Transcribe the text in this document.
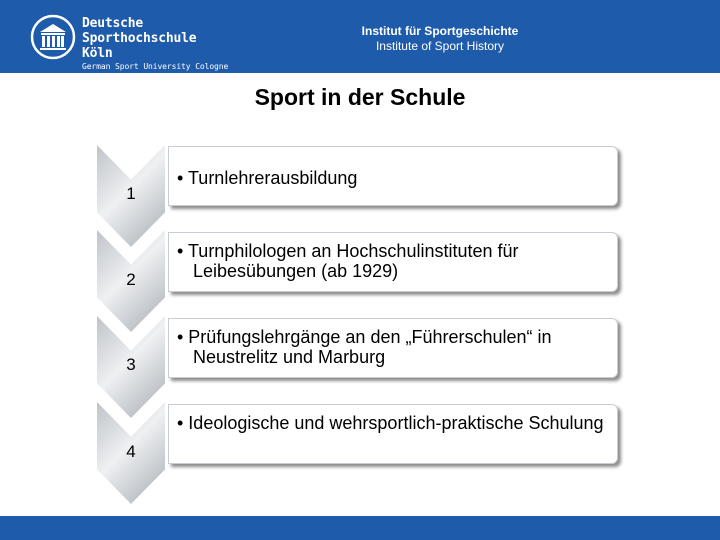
Deutsche
Sporthochschule Köln
German Sport University Cologne
Institut für Sportgeschichte
Institute of Sport History
Sport in der Schule
1
• Turnlehrerausbildung
2
• Turnphilologen an Hochschulinstituten für Leibesübungen (ab 1929)
3
• Prüfungslehrgänge an den „Führerschulen“ in Neustrelitz und Marburg
4
• Ideologische und wehrsportlich-praktische Schulung
